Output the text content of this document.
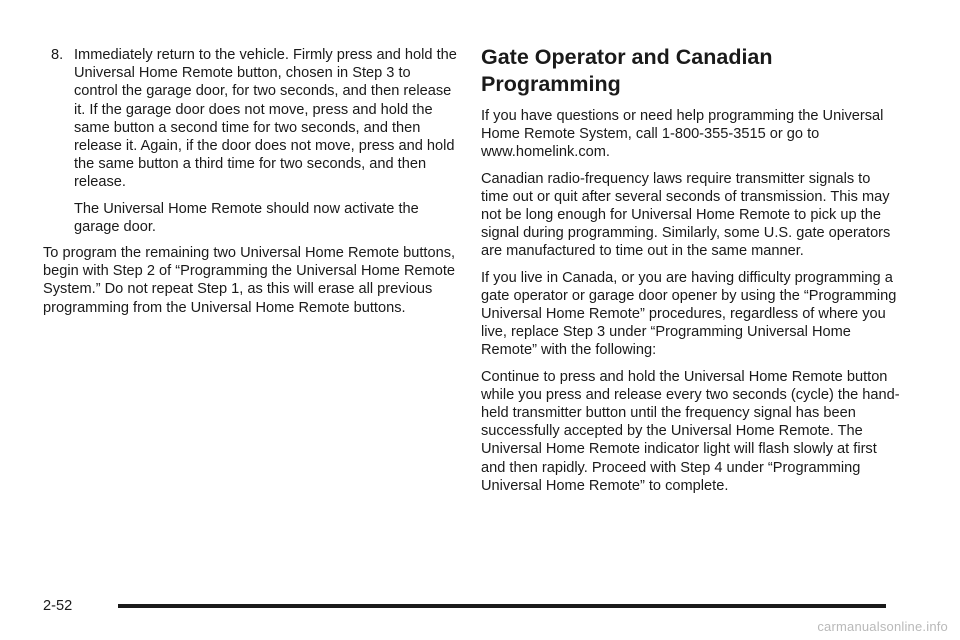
8. Immediately return to the vehicle. Firmly press and hold the Universal Home Remote button, chosen in Step 3 to control the garage door, for two seconds, and then release it. If the garage door does not move, press and hold the same button a second time for two seconds, and then release it. Again, if the door does not move, press and hold the same button a third time for two seconds, and then release.

The Universal Home Remote should now activate the garage door.

To program the remaining two Universal Home Remote buttons, begin with Step 2 of “Programming the Universal Home Remote System.” Do not repeat Step 1, as this will erase all previous programming from the Universal Home Remote buttons.

Gate Operator and Canadian Programming

If you have questions or need help programming the Universal Home Remote System, call 1-800-355-3515 or go to www.homelink.com.

Canadian radio-frequency laws require transmitter signals to time out or quit after several seconds of transmission. This may not be long enough for Universal Home Remote to pick up the signal during programming. Similarly, some U.S. gate operators are manufactured to time out in the same manner.

If you live in Canada, or you are having difficulty programming a gate operator or garage door opener by using the “Programming Universal Home Remote” procedures, regardless of where you live, replace Step 3 under “Programming Universal Home Remote” with the following:

Continue to press and hold the Universal Home Remote button while you press and release every two seconds (cycle) the hand-held transmitter button until the frequency signal has been successfully accepted by the Universal Home Remote. The Universal Home Remote indicator light will flash slowly at first and then rapidly. Proceed with Step 4 under “Programming Universal Home Remote” to complete.

2-52
carmanualsonline.info
